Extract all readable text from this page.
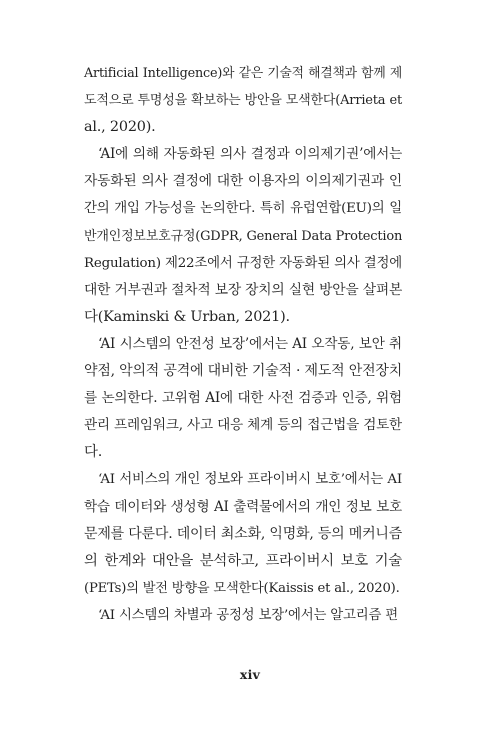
Artificial Intelligence)와 같은 기술적 해결책과 함께 제
도적으로 투명성을 확보하는 방안을 모색한다(Arrieta et
al., 2020).
‘AI에 의해 자동화된 의사 결정과 이의제기권’에서는
자동화된 의사 결정에 대한 이용자의 이의제기권과 인
간의 개입 가능성을 논의한다. 특히 유럽연합(EU)의 일
반개인정보보호규정(GDPR, General Data Protection
Regulation) 제22조에서 규정한 자동화된 의사 결정에
대한 거부권과 절차적 보장 장치의 실현 방안을 살펴본
다(Kaminski & Urban, 2021).
‘AI 시스템의 안전성 보장’에서는 AI 오작동, 보안 취
약점, 악의적 공격에 대비한 기술적 · 제도적 안전장치
를 논의한다. 고위험 AI에 대한 사전 검증과 인증, 위험
관리 프레임워크, 사고 대응 체계 등의 접근법을 검토한
다.
‘AI 서비스의 개인 정보와 프라이버시 보호’에서는 AI
학습 데이터와 생성형 AI 출력물에서의 개인 정보 보호
문제를 다룬다. 데이터 최소화, 익명화, 등의 메커니즘
의 한계와 대안을 분석하고, 프라이버시 보호 기술
(PETs)의 발전 방향을 모색한다(Kaissis et al., 2020).
‘AI 시스템의 차별과 공정성 보장’에서는 알고리즘 편
xiv
